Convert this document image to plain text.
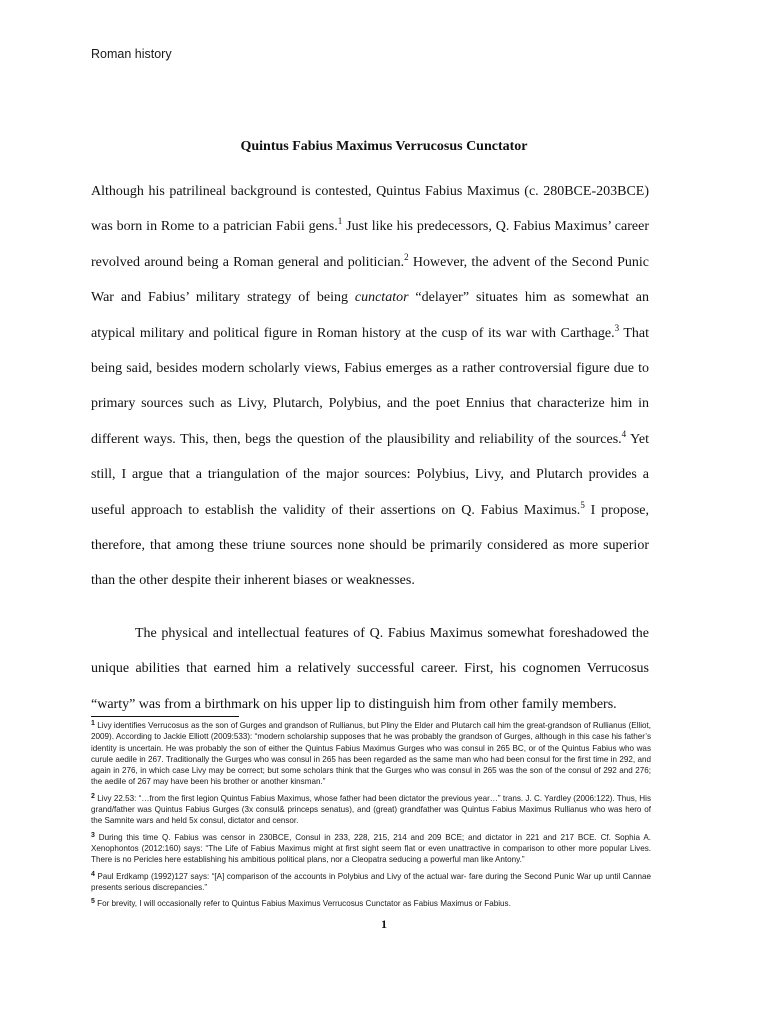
Roman history
Quintus Fabius Maximus Verrucosus Cunctator

Although his patrilineal background is contested, Quintus Fabius Maximus (c. 280BCE-203BCE) was born in Rome to a patrician Fabii gens.$^1$ Just like his predecessors, Q. Fabius Maximus’ career revolved around being a Roman general and politician.$^2$ However, the advent of the Second Punic War and Fabius’ military strategy of being cunctator “delayer” situates him as somewhat an atypical military and political figure in Roman history at the cusp of its war with Carthage.$^3$ That being said, besides modern scholarly views, Fabius emerges as a rather controversial figure due to primary sources such as Livy, Plutarch, Polybius, and the poet Ennius that characterize him in different ways. This, then, begs the question of the plausibility and reliability of the sources.$^4$ Yet still, I argue that a triangulation of the major sources: Polybius, Livy, and Plutarch provides a useful approach to establish the validity of their assertions on Q. Fabius Maximus.$^5$ I propose, therefore, that among these triune sources none should be primarily considered as more superior than the other despite their inherent biases or weaknesses.

The physical and intellectual features of Q. Fabius Maximus somewhat foreshadowed the unique abilities that earned him a relatively successful career. First, his cognomen Verrucosus “warty” was from a birthmark on his upper lip to distinguish him from other family members.

1 Livy identifies Verrucosus as the son of Gurges and grandson of Rullianus, but Pliny the Elder and Plutarch call him the great-grandson of Rullianus (Elliot, 2009). According to Jackie Elliott (2009:533): “modern scholarship supposes that he was probably the grandson of Gurges, although in this case his father’s identity is uncertain. He was probably the son of either the Quintus Fabius Maximus Gurges who was consul in 265 BC, or of the Quintus Fabius who was curule aedile in 267. Traditionally the Gurges who was consul in 265 has been regarded as the same man who had been consul for the first time in 292, and again in 276, in which case Livy may be correct; but some scholars think that the Gurges who was consul in 265 was the son of the consul of 292 and 276; the aedile of 267 may have been his brother or another kinsman.”

2 Livy 22.53: “…from the first legion Quintus Fabius Maximus, whose father had been dictator the previous year…” trans. J. C. Yardley (2006:122). Thus, His grand/father was Quintus Fabius Gurges (3x consul& princeps senatus), and (great) grandfather was Quintus Fabius Maximus Rullianus who was hero of the Samnite wars and held 5x consul, dictator and censor.

3 During this time Q. Fabius was censor in 230BCE, Consul in 233, 228, 215, 214 and 209 BCE; and dictator in 221 and 217 BCE. Cf. Sophia A. Xenophontos (2012:160) says: “The Life of Fabius Maximus might at first sight seem flat or even unattractive in comparison to other more popular Lives. There is no Pericles here establishing his ambitious political plans, nor a Cleopatra seducing a powerful man like Antony.”

4 Paul Erdkamp (1992)127 says: “[A] comparison of the accounts in Polybius and Livy of the actual war- fare during the Second Punic War up until Cannae presents serious discrepancies.”

5 For brevity, I will occasionally refer to Quintus Fabius Maximus Verrucosus Cunctator as Fabius Maximus or Fabius.

1
